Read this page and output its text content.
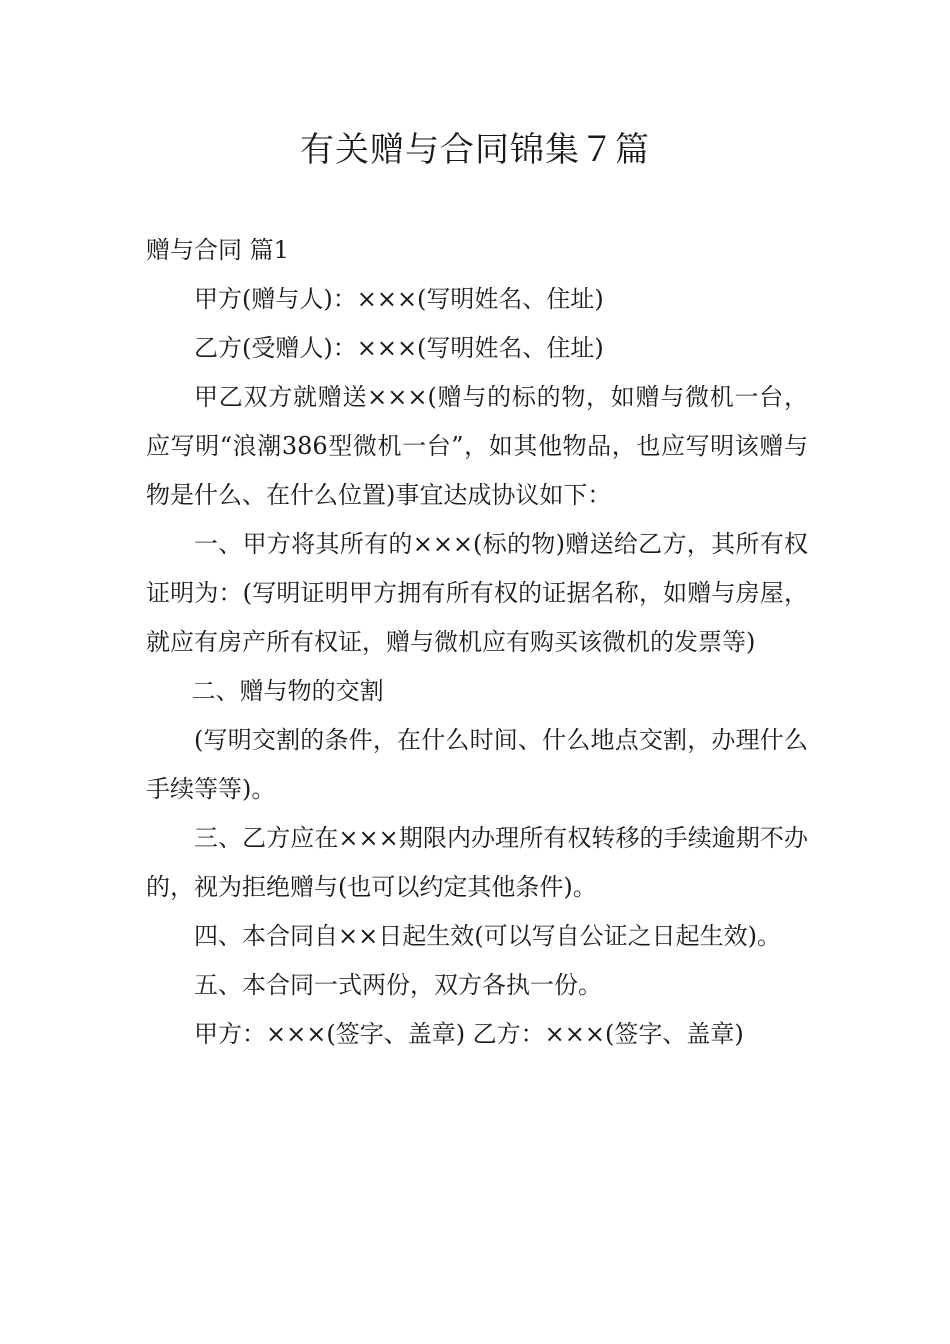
有关赠与合同锦集７篇
赠与合同 篇1

甲方(赠与人)：×××(写明姓名、住址)

乙方(受赠人)：×××(写明姓名、住址)

甲乙双方就赠送×××(赠与的标的物，如赠与微机一台，应写明“浪潮386型微机一台”，如其他物品，也应写明该赠与物是什么、在什么位置)事宜达成协议如下：

一、甲方将其所有的×××(标的物)赠送给乙方，其所有权证明为：(写明证明甲方拥有所有权的证据名称，如赠与房屋，就应有房产所有权证，赠与微机应有购买该微机的发票等)

二、赠与物的交割

(写明交割的条件，在什么时间、什么地点交割，办理什么手续等等)。

三、乙方应在×××期限内办理所有权转移的手续逾期不办的，视为拒绝赠与(也可以约定其他条件)。

四、本合同自××日起生效(可以写自公证之日起生效)。

五、本合同一式两份，双方各执一份。

甲方：×××(签字、盖章) 乙方：×××(签字、盖章)
